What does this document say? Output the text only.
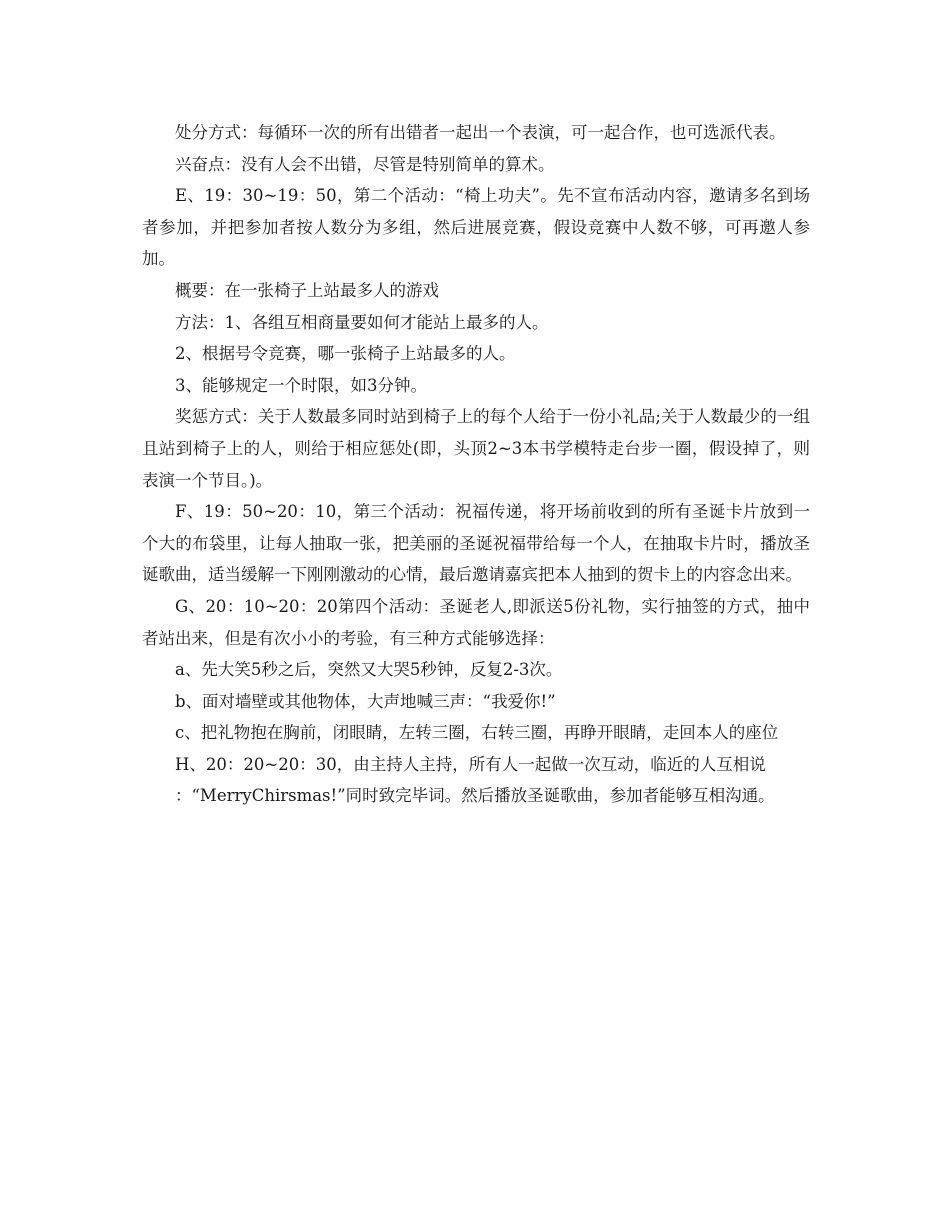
处分方式：每循环一次的所有出错者一起出一个表演，可一起合作，也可选派代表。

兴奋点：没有人会不出错，尽管是特别简单的算术。

E、19：30~19：50，第二个活动：“椅上功夫”。先不宣布活动内容，邀请多名到场者参加，并把参加者按人数分为多组，然后进展竞赛，假设竞赛中人数不够，可再邀人参加。

概要：在一张椅子上站最多人的游戏

方法：1、各组互相商量要如何才能站上最多的人。

2、根据号令竞赛，哪一张椅子上站最多的人。

3、能够规定一个时限，如3分钟。

奖惩方式：关于人数最多同时站到椅子上的每个人给于一份小礼品;关于人数最少的一组且站到椅子上的人，则给于相应惩处(即，头顶2~3本书学模特走台步一圈，假设掉了，则表演一个节目。)。

F、19：50~20：10，第三个活动：祝福传递，将开场前收到的所有圣诞卡片放到一个大的布袋里，让每人抽取一张，把美丽的圣诞祝福带给每一个人，在抽取卡片时，播放圣诞歌曲，适当缓解一下刚刚激动的心情，最后邀请嘉宾把本人抽到的贺卡上的内容念出来。

G、20：10~20：20第四个活动：圣诞老人,即派送5份礼物，实行抽签的方式，抽中者站出来，但是有次小小的考验，有三种方式能够选择：

a、先大笑5秒之后，突然又大哭5秒钟，反复2-3次。

b、面对墙壁或其他物体，大声地喊三声：“我爱你!”

c、把礼物抱在胸前，闭眼睛，左转三圈，右转三圈，再睁开眼睛，走回本人的座位

H、20：20~20：30，由主持人主持，所有人一起做一次互动，临近的人互相说

：“MerryChirsmas!”同时致完毕词。然后播放圣诞歌曲，参加者能够互相沟通。
